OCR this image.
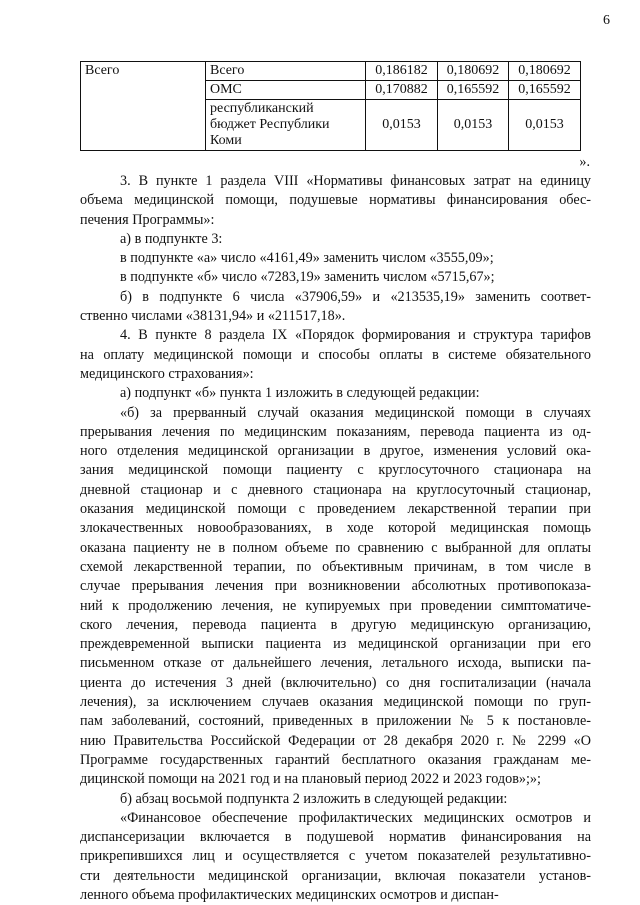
6
Всего	Всего	0,186182	0,180692	0,180692
	ОМС	0,170882	0,165592	0,165592

	республиканский
бюджет Республики
Коми	0,0153	0,0153	0,0153
».
3. В пункте 1 раздела VIII «Нормативы финансовых затрат на единицу
объема медицинской помощи, подушевые нормативы финансирования обес-
печения Программы»:
а) в подпункте 3:
в подпункте «а» число «4161,49» заменить числом «3555,09»;
в подпункте «б» число «7283,19» заменить числом «5715,67»;
б) в подпункте 6 числа «37906,59» и «213535,19» заменить соответ-
ственно числами «38131,94» и «211517,18».
4. В пункте 8 раздела IX «Порядок формирования и структура тарифов
на оплату медицинской помощи и способы оплаты в системе обязательного
медицинского страхования»:
а) подпункт «б» пункта 1 изложить в следующей редакции:
«б) за прерванный случай оказания медицинской помощи в случаях
прерывания лечения по медицинским показаниям, перевода пациента из од-
ного отделения медицинской организации в другое, изменения условий ока-
зания медицинской помощи пациенту с круглосуточного стационара на
дневной стационар и с дневного стационара на круглосуточный стационар,
оказания медицинской помощи с проведением лекарственной терапии при
злокачественных новообразованиях, в ходе которой медицинская помощь
оказана пациенту не в полном объеме по сравнению с выбранной для оплаты
схемой лекарственной терапии, по объективным причинам, в том числе в
случае прерывания лечения при возникновении абсолютных противопоказа-
ний к продолжению лечения, не купируемых при проведении симптоматиче-
ского лечения, перевода пациента в другую медицинскую организацию,
преждевременной выписки пациента из медицинской организации при его
письменном отказе от дальнейшего лечения, летального исхода, выписки па-
циента до истечения 3 дней (включительно) со дня госпитализации (начала
лечения), за исключением случаев оказания медицинской помощи по груп-
пам заболеваний, состояний, приведенных в приложении № 5 к постановле-
нию Правительства Российской Федерации от 28 декабря 2020 г. № 2299 «О
Программе государственных гарантий бесплатного оказания гражданам ме-
дицинской помощи на 2021 год и на плановый период 2022 и 2023 годов»;»;
б) абзац восьмой подпункта 2 изложить в следующей редакции:
«Финансовое обеспечение профилактических медицинских осмотров и
диспансеризации включается в подушевой норматив финансирования на
прикрепившихся лиц и осуществляется с учетом показателей результативно-
сти деятельности медицинской организации, включая показатели установ-
ленного объема профилактических медицинских осмотров и диспан-
